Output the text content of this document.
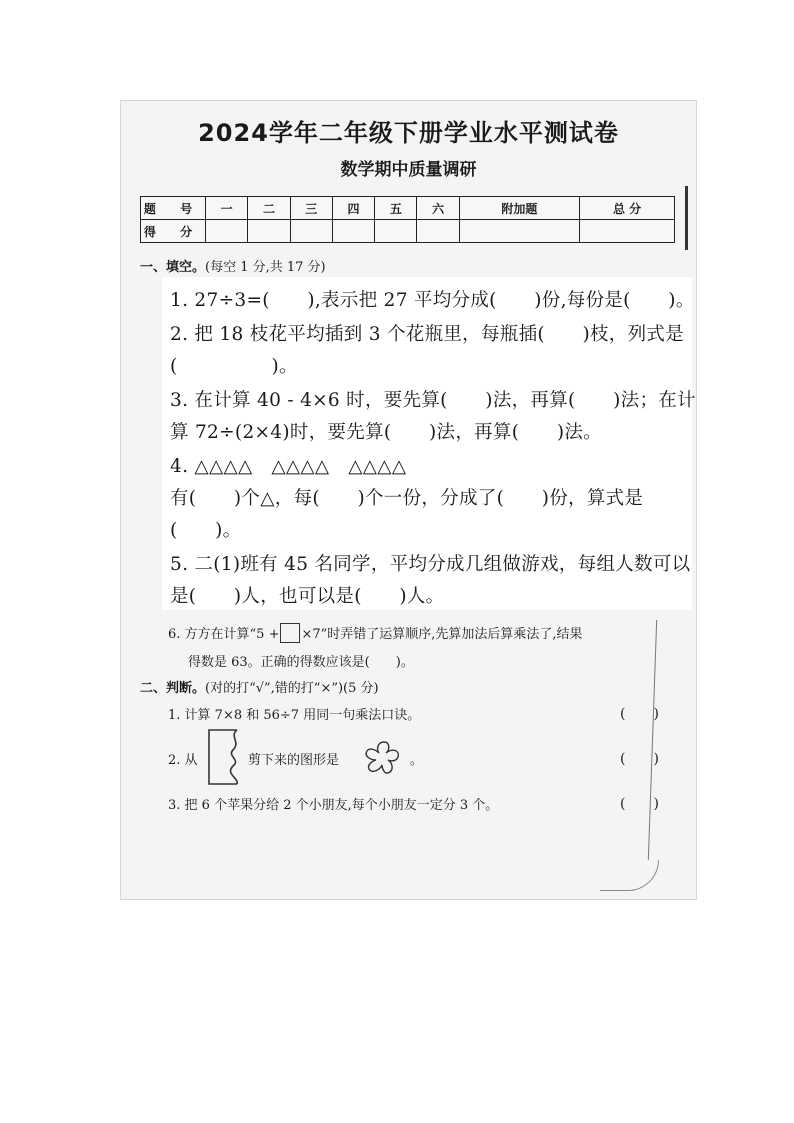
2024学年二年级下册学业水平测试卷
数学期中质量调研
题 号	一	二	三	四	五	六	附加题	总 分
得 分								
一、填空。(每空 1 分,共 17 分)
1. 27÷3=(　　),表示把 27 平均分成(　　)份,每份是(　　)。
2. 把 18 枝花平均插到 3 个花瓶里，每瓶插(　　)枝，列式是
(　　　　　)。
3. 在计算 40 - 4×6 时，要先算(　　)法，再算(　　)法；在计
算 72÷(2×4)时，要先算(　　)法，再算(　　)法。
4. △△△△　△△△△　△△△△
有(　　)个△，每(　　)个一份，分成了(　　)份，算式是
(　　)。
5. 二(1)班有 45 名同学，平均分成几组做游戏，每组人数可以
是(　　)人，也可以是(　　)人。
6. 方方在计算“5 + ×7”时弄错了运算顺序,先算加法后算乘法了,结果
得数是 63。正确的得数应该是(　　)。
二、判断。(对的打“√”,错的打“×”)(5 分)
1. 计算 7×8 和 56÷7 用同一句乘法口诀。	(　　)
2. 从	剪下来的图形是	。	(　　)
3. 把 6 个苹果分给 2 个小朋友,每个小朋友一定分 3 个。	(　　)
